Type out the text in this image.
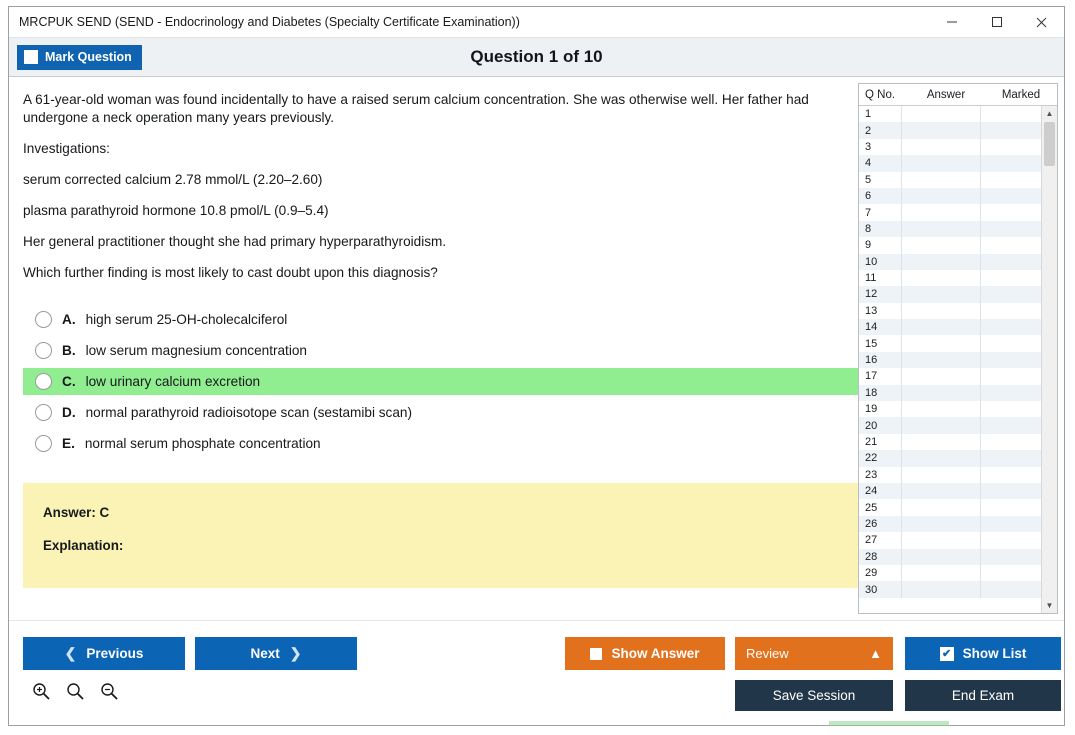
MRCPUK SEND (SEND - Endocrinology and Diabetes (Specialty Certificate Examination))
Mark Question	Question 1 of 10
A 61-year-old woman was found incidentally to have a raised serum calcium concentration. She was otherwise well. Her father had undergone a neck operation many years previously.
Investigations:
serum corrected calcium 2.78 mmol/L (2.20–2.60)
plasma parathyroid hormone 10.8 pmol/L (0.9–5.4)
Her general practitioner thought she had primary hyperparathyroidism.
Which further finding is most likely to cast doubt upon this diagnosis?
A. high serum 25-OH-cholecalciferol
B. low serum magnesium concentration
C. low urinary calcium excretion
D. normal parathyroid radioisotope scan (sestamibi scan)
E. normal serum phosphate concentration
Answer: C
Explanation:
Q No.	Answer	Marked
1
2
3
4
5
6
7
8
9
10
11
12
13
14
15
16
17
18
19
20
21
22
23
24
25
26
27
28
29
30
▲
▼
❮ Previous	Next ❯	Show Answer	Review	▲	✔ Show List
Save Session	End Exam
